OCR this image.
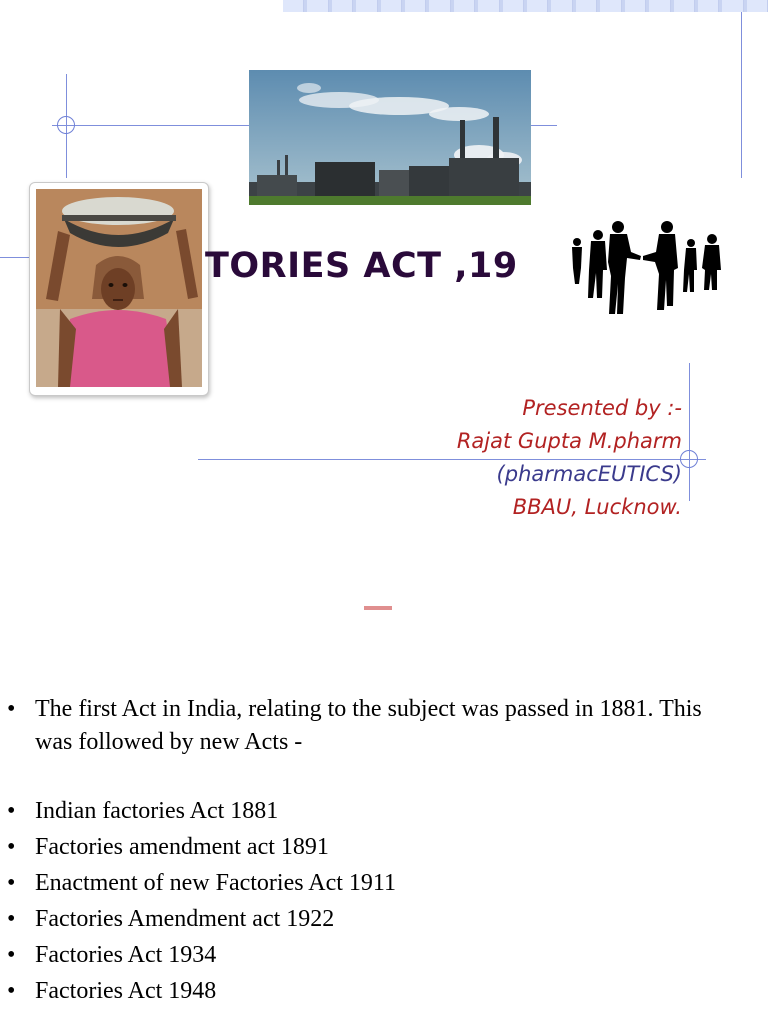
TORIES ACT ,19
Presented by :-
Rajat Gupta M.pharm
(pharmacEUTICS)
BBAU, Lucknow.
• The first Act in India, relating to the subject was passed in 1881. This
was followed by new Acts -
• Indian factories Act 1881
• Factories amendment act 1891
• Enactment of new Factories Act 1911
• Factories Amendment act 1922
• Factories Act 1934
• Factories Act 1948
